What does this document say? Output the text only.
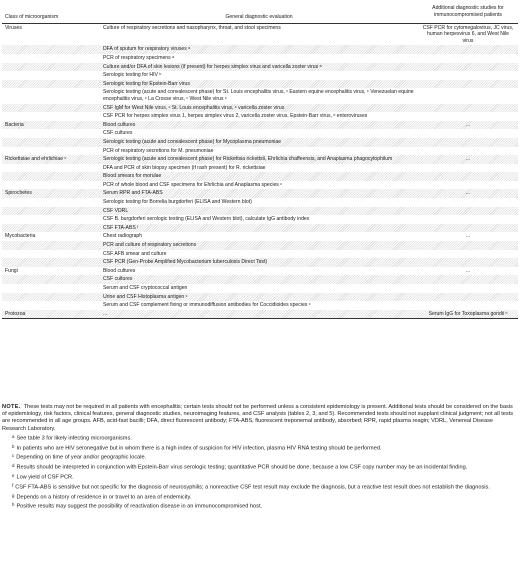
Class of microorganism	General diagnostic evaluation	Additional diagnostic studies for immunocompromised patients
Viruses	Culture of respiratory secretions and nasopharynx, throat, and stool specimens	CSF PCR for cytomegalovirus, JC virus, human herpesvirus 6, and West Nile virus
	DFA of sputum for respiratory viruses ᵃ	
	PCR of respiratory specimens ᵃ	
	Culture and/or DFA of skin lesions (if present) for herpes simplex virus and varicella zoster virus ᵃ	
	Serologic testing for HIV ᵇ	
	Serologic testing for Epstein-Barr virus	
	Serologic testing (acute and convalescent phase) for St. Louis encephalitis virus, ᶜ Eastern equine encephalitis virus, ᶜ Venezuelan equine encephalitis virus, ᶜ La Crosse virus, ᶜ West Nile virus ᶜ	
	CSF IgM for West Nile virus, ᶜ St. Louis encephalitis virus, ᶜ varicella zoster virus	
	CSF PCR for herpes simplex virus 1, herpes simplex virus 2, varicella zoster virus, Epstein-Barr virus, ᵈ enteroviruses	
Bacteria	Blood cultures	...
	CSF cultures	
	Serologic testing (acute and convalescent phase) for Mycoplasma pneumoniae	
	PCR of respiratory secretions for M. pneumoniae	
Rickettsiae and ehrlichiae ᶜ	Serologic testing (acute and convalescent phase) for Rickettsia rickettsii, Ehrlichia chaffeensis, and Anaplasma phagocytophilum	...
	DFA and PCR of skin biopsy specimen (if rash present) for R. rickettsiae	
	Blood smears for morulae	
	PCR of whole blood and CSF specimens for Ehrlichia and Anaplasma species ᶜ	
Spirochetes	Serum RPR and FTA-ABS	...
	Serologic testing for Borrelia burgdorferi (ELISA and Western blot)	
	CSF VDRL	
	CSF B. burgdorferi serologic testing (ELISA and Western blot), calculate IgG antibody index	
	CSF FTA-ABS ᶠ	
Mycobacteria	Chest radiograph	...
	PCR and culture of respiratory secretions	
	CSF AFB smear and culture	
	CSF PCR (Gen-Probe Amplified Mycobacterium tuberculosis Direct Test)	
Fungi	Blood cultures	...
	CSF cultures	
	Serum and CSF cryptococcal antigen	
	Urine and CSF Histoplasma antigen ᶜ	
	Serum and CSF complement fixing or immunodiffusion antibodies for Coccidioides species ᶜ	
Protozoa	...	Serum IgG for Toxoplasma gondii ʰ

NOTE. These tests may not be required in all patients with encephalitis; certain tests should not be performed unless a consistent epidemiology is present. Additional tests should be considered on the basis of epidemiology, risk factors, clinical features, general diagnostic studies, neuroimaging features, and CSF analysis (tables 2, 3, and 5). Recommended tests should not supplant clinical judgment; not all tests are recommended in all age groups. AFB, acid-fast bacilli; DFA, direct fluorescent antibody; FTA-ABS, fluorescent treponemal antibody, absorbed; RPR, rapid plasma reagin; VDRL, Venereal Disease Research Laboratory.

$^a$ See table 3 for likely infecting microorganisms.

$^b$ In patients who are HIV seronegative but in whom there is a high index of suspicion for HIV infection, plasma HIV RNA testing should be performed.

$^c$ Depending on time of year and/or geographic locale.

$^d$ Results should be interpreted in conjunction with Epstein-Barr virus serologic testing; quantitative PCR should be done, because a low CSF copy number may be an incidental finding.

$^e$ Low yield of CSF PCR.

$^f$ CSF FTA-ABS is sensitive but not specific for the diagnosis of neurosyphilis; a nonreactive CSF test result may exclude the diagnosis, but a reactive test result does not establish the diagnosis.

$^g$ Depends on a history of residence in or travel to an area of endemicity.

$^h$ Positive results may suggest the possibility of reactivation disease in an immunocompromised host.
